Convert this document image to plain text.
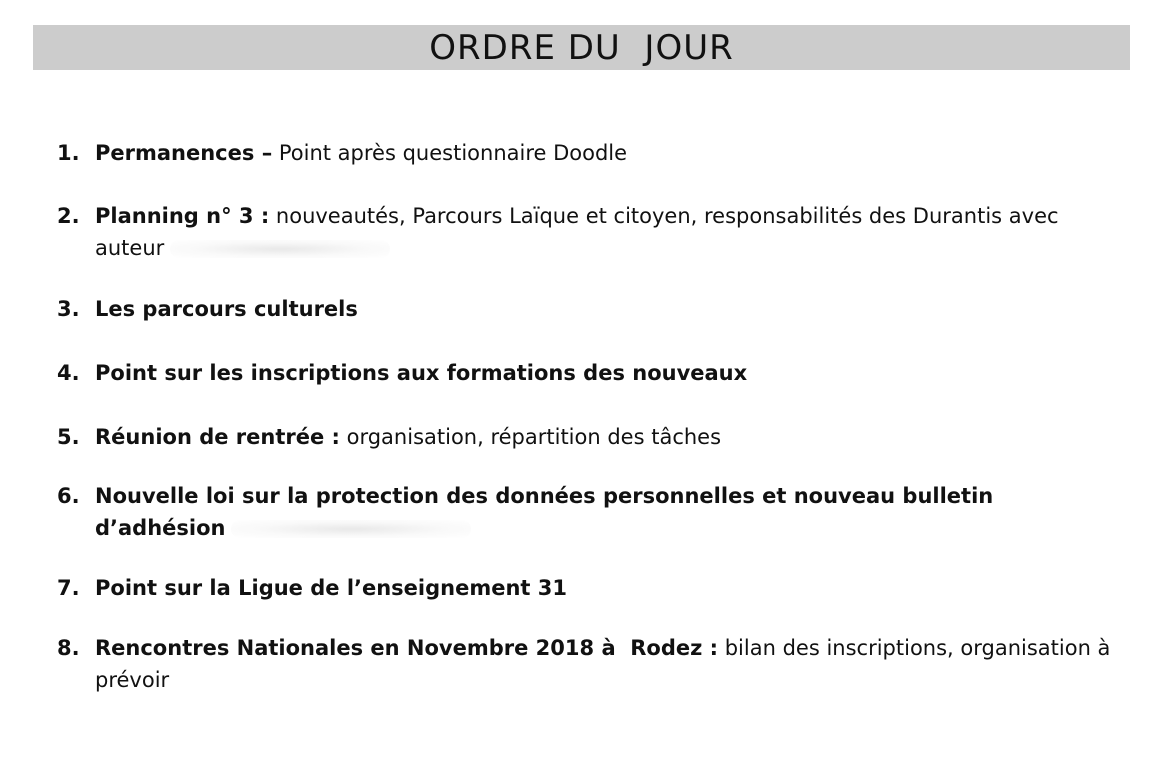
ORDRE DU  JOUR
1. Permanences – Point après questionnaire Doodle
2. Planning n° 3 : nouveautés, Parcours Laïque et citoyen, responsabilités des Durantis avec auteur
3. Les parcours culturels
4. Point sur les inscriptions aux formations des nouveaux
5. Réunion de rentrée : organisation, répartition des tâches
6. Nouvelle loi sur la protection des données personnelles et nouveau bulletin d’adhésion
7. Point sur la Ligue de l’enseignement 31
8. Rencontres Nationales en Novembre 2018 à  Rodez : bilan des inscriptions, organisation à  prévoir
